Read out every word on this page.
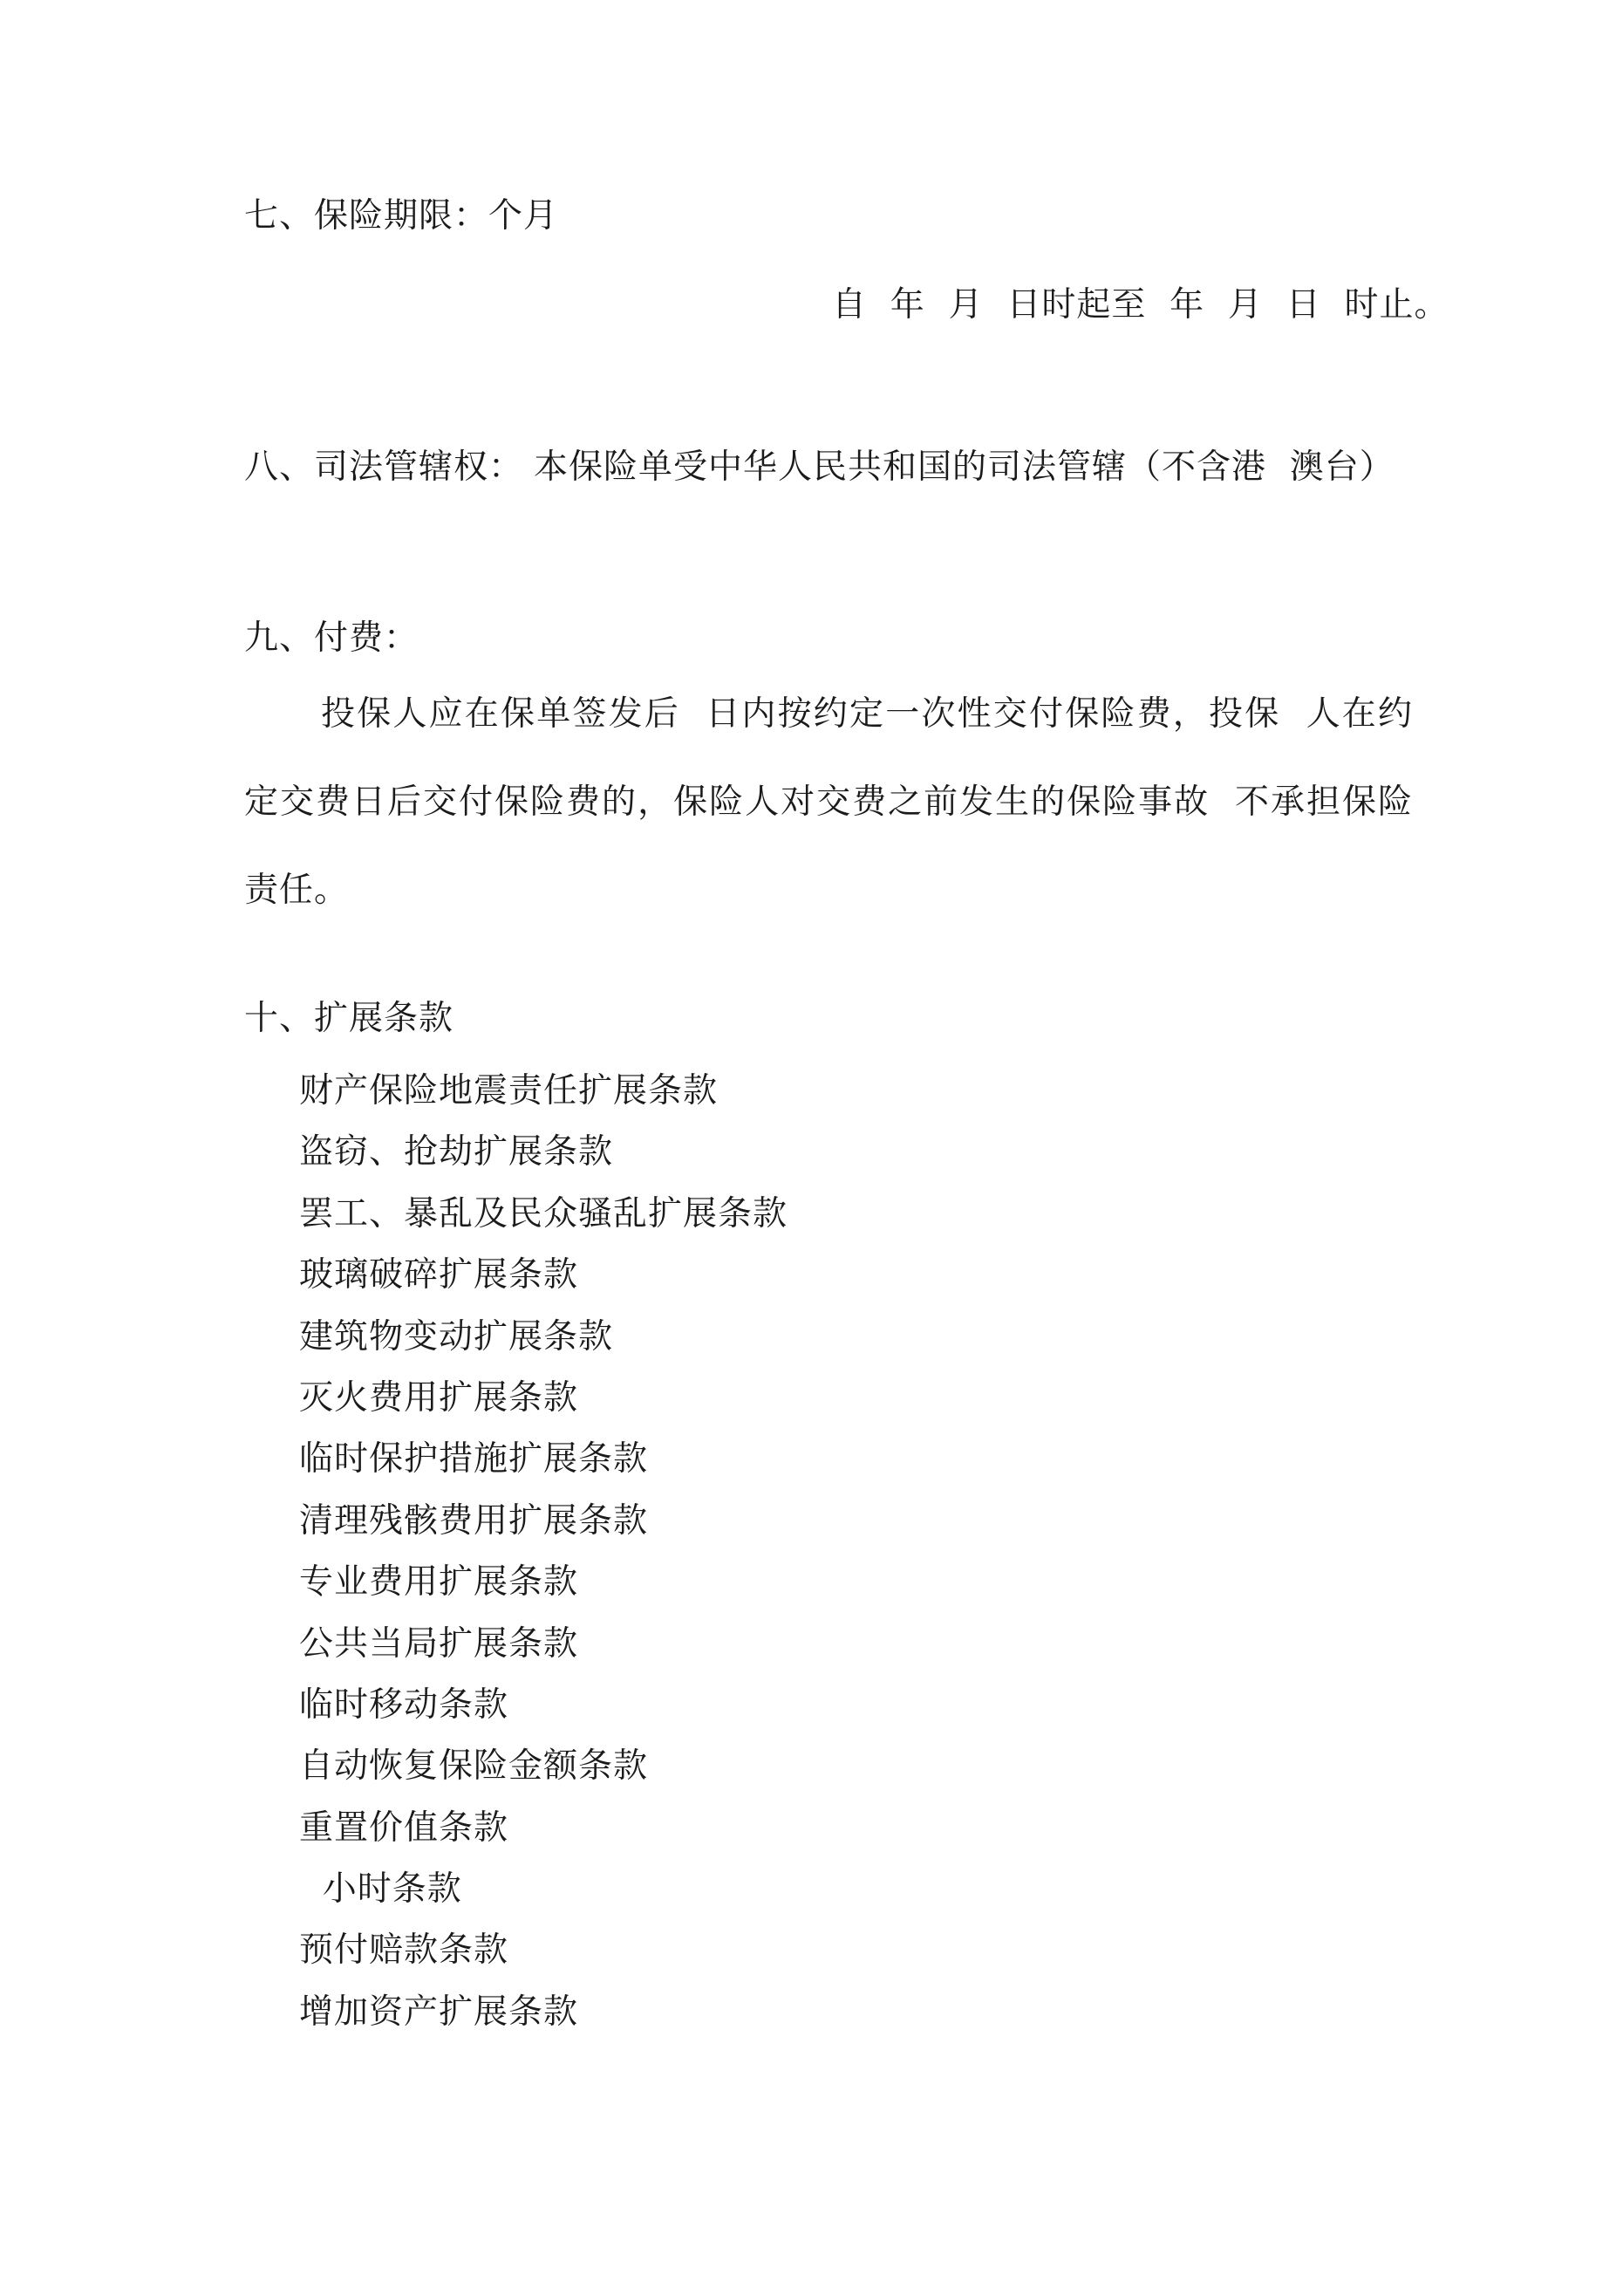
七、保险期限：个月
自  年  月  日时起至  年  月  日  时止。
八、司法管辖权： 本保险单受中华人民共和国的司法管辖（不含港  澳台）
九、付费：
投保人应在保单签发后  日内按约定一次性交付保险费，投保  人在约定交费日后交付保险费的，保险人对交费之前发生的保险事故  不承担保险责任。
十、扩展条款
财产保险地震责任扩展条款
盗窃、抢劫扩展条款
罢工、暴乱及民众骚乱扩展条款
玻璃破碎扩展条款
建筑物变动扩展条款
灭火费用扩展条款
临时保护措施扩展条款
清理残骸费用扩展条款
专业费用扩展条款
公共当局扩展条款
临时移动条款
自动恢复保险金额条款
重置价值条款
小时条款
预付赔款条款
增加资产扩展条款
